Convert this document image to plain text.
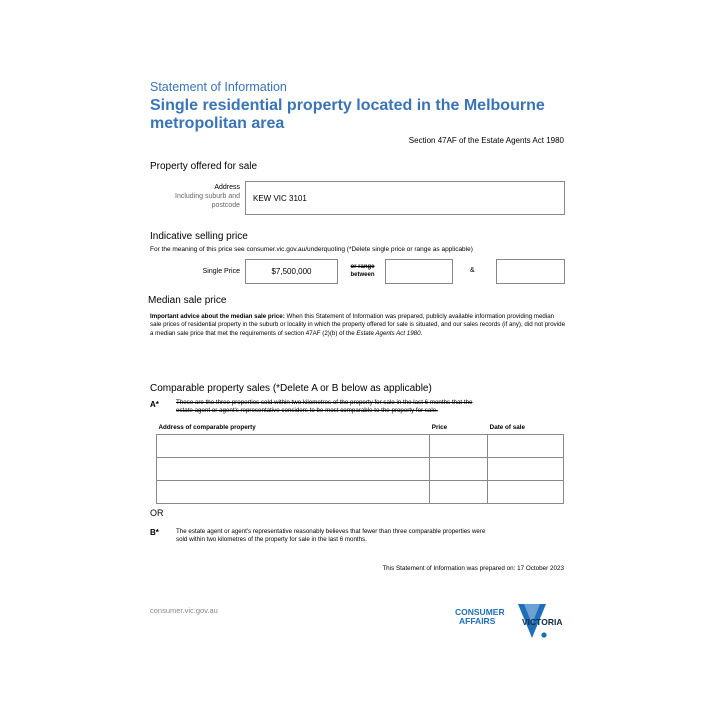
Statement of Information
Single residential property located in the Melbourne
metropolitan area
Section 47AF of the Estate Agents Act 1980
Property offered for sale
Address
Including suburb and
postcode
KEW VIC 3101
Indicative selling price
For the meaning of this price see consumer.vic.gov.au/underquoting (*Delete single price or range as applicable)
Single Price	$7,500,000	or range
between
&
Median sale price
Important advice about the median sale price: When this Statement of Information was prepared, publicly available information providing median sale prices of residential property in the suburb or locality in which the property offered for sale is situated, and our sales records (if any), did not provide a median sale price that met the requirements of section 47AF (2)(b) of the Estate Agents Act 1980.
Comparable property sales (*Delete A or B below as applicable)
A*	These are the three properties sold within two kilometres of the property for sale in the last 6 months that the
estate agent or agent's representative considers to be most comparable to the property for sale.
Address of comparable property	Price	Date of sale

OR
B*	The estate agent or agent's representative reasonably believes that fewer than three comparable properties were
sold within two kilometres of the property for sale in the last 6 months.
This Statement of Information was prepared on: 17 October 2023
consumer.vic.gov.au	CONSUMER
AFFAIRS	VICTORIA
